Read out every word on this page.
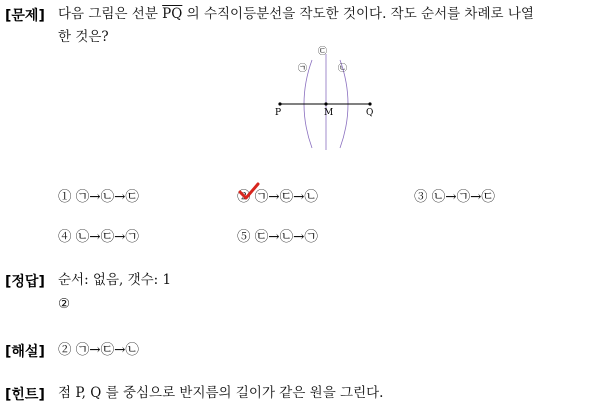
[문제] 다음 그림은 선분 $\overline{PQ}$ 의 수직이등분선을 작도한 것이다. 작도 순서를 차례로 나열
한 것은?
㉢
㉠	㉡
P	M	Q
① ㉠→㉡→㉢	② ㉠→㉢→㉡	③ ㉡→㉠→㉢
④ ㉡→㉢→㉠	⑤ ㉢→㉡→㉠
[정답] 순서: 없음, 갯수: 1
②
[해설] ② ㉠→㉢→㉡
[힌트] 점 P, Q 를 중심으로 반지름의 길이가 같은 원을 그린다.
